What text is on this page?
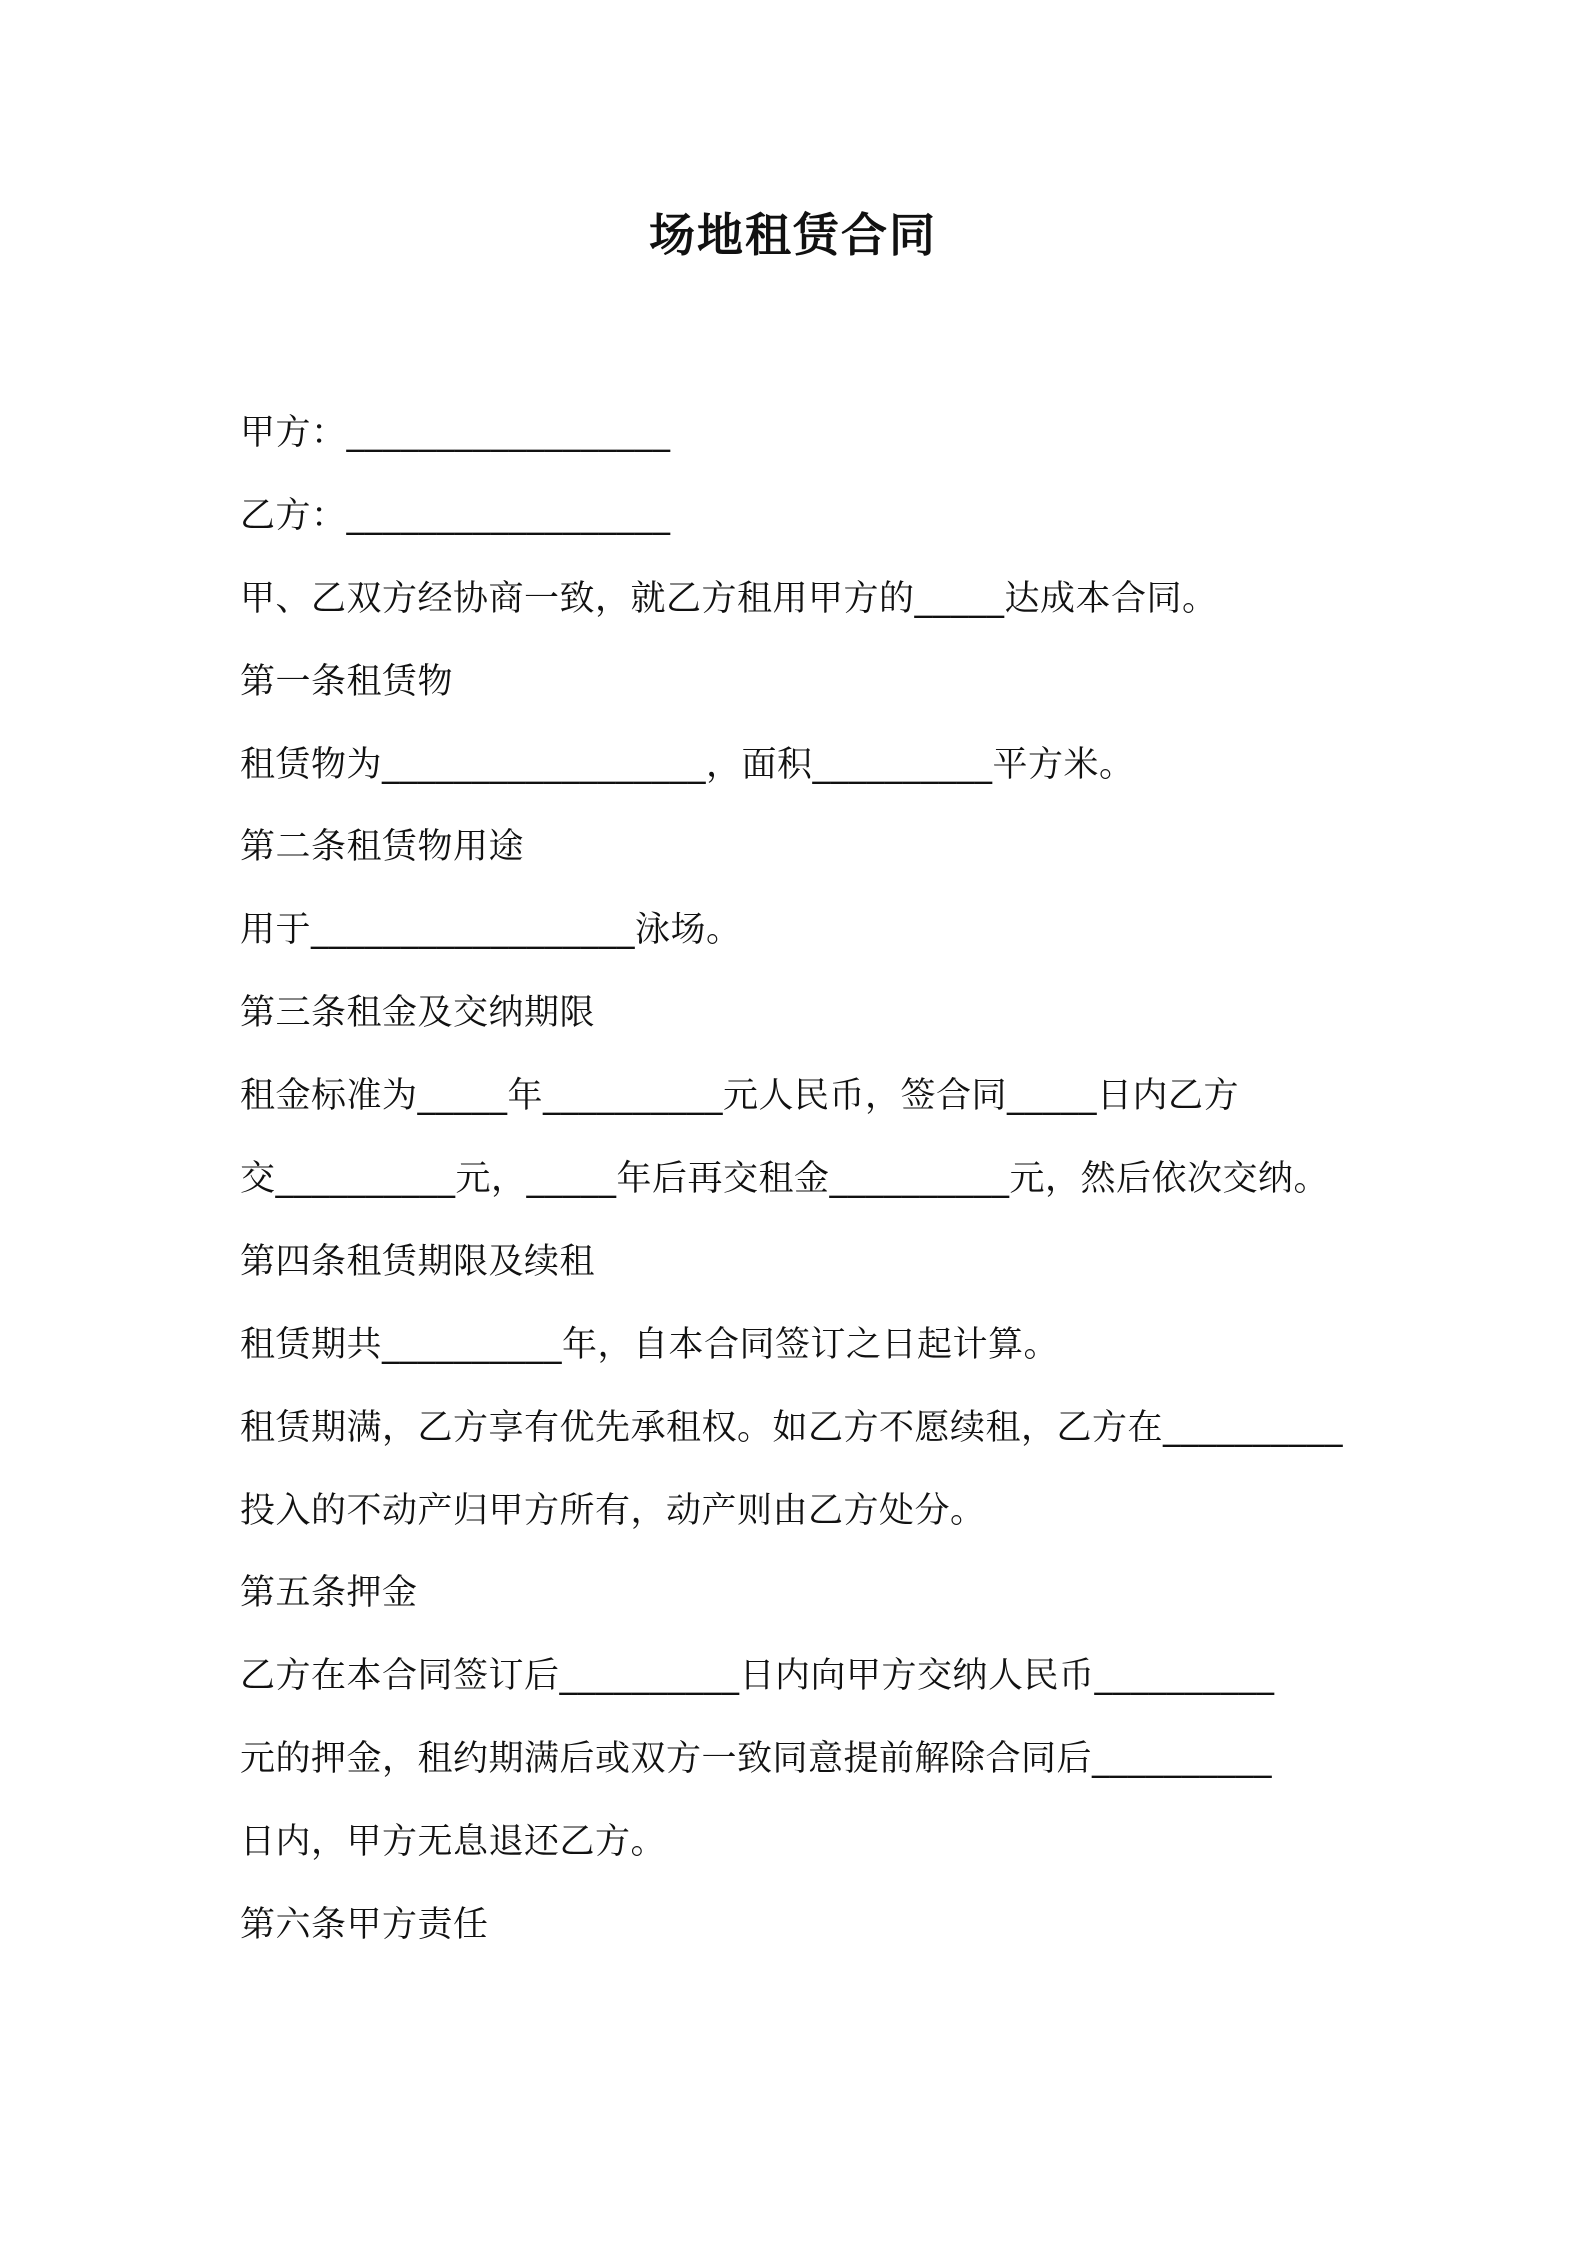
场地租赁合同
甲方：__________________
乙方：__________________
甲、乙双方经协商一致，就乙方租用甲方的_____达成本合同。
第一条租赁物
租赁物为__________________，面积__________平方米。
第二条租赁物用途
用于__________________泳场。
第三条租金及交纳期限
租金标准为_____年__________元人民币，签合同_____日内乙方
交__________元，_____年后再交租金__________元，然后依次交纳。
第四条租赁期限及续租
租赁期共__________年，自本合同签订之日起计算。
租赁期满，乙方享有优先承租权。如乙方不愿续租，乙方在__________
投入的不动产归甲方所有，动产则由乙方处分。
第五条押金
乙方在本合同签订后__________日内向甲方交纳人民币__________
元的押金，租约期满后或双方一致同意提前解除合同后__________
日内，甲方无息退还乙方。
第六条甲方责任
